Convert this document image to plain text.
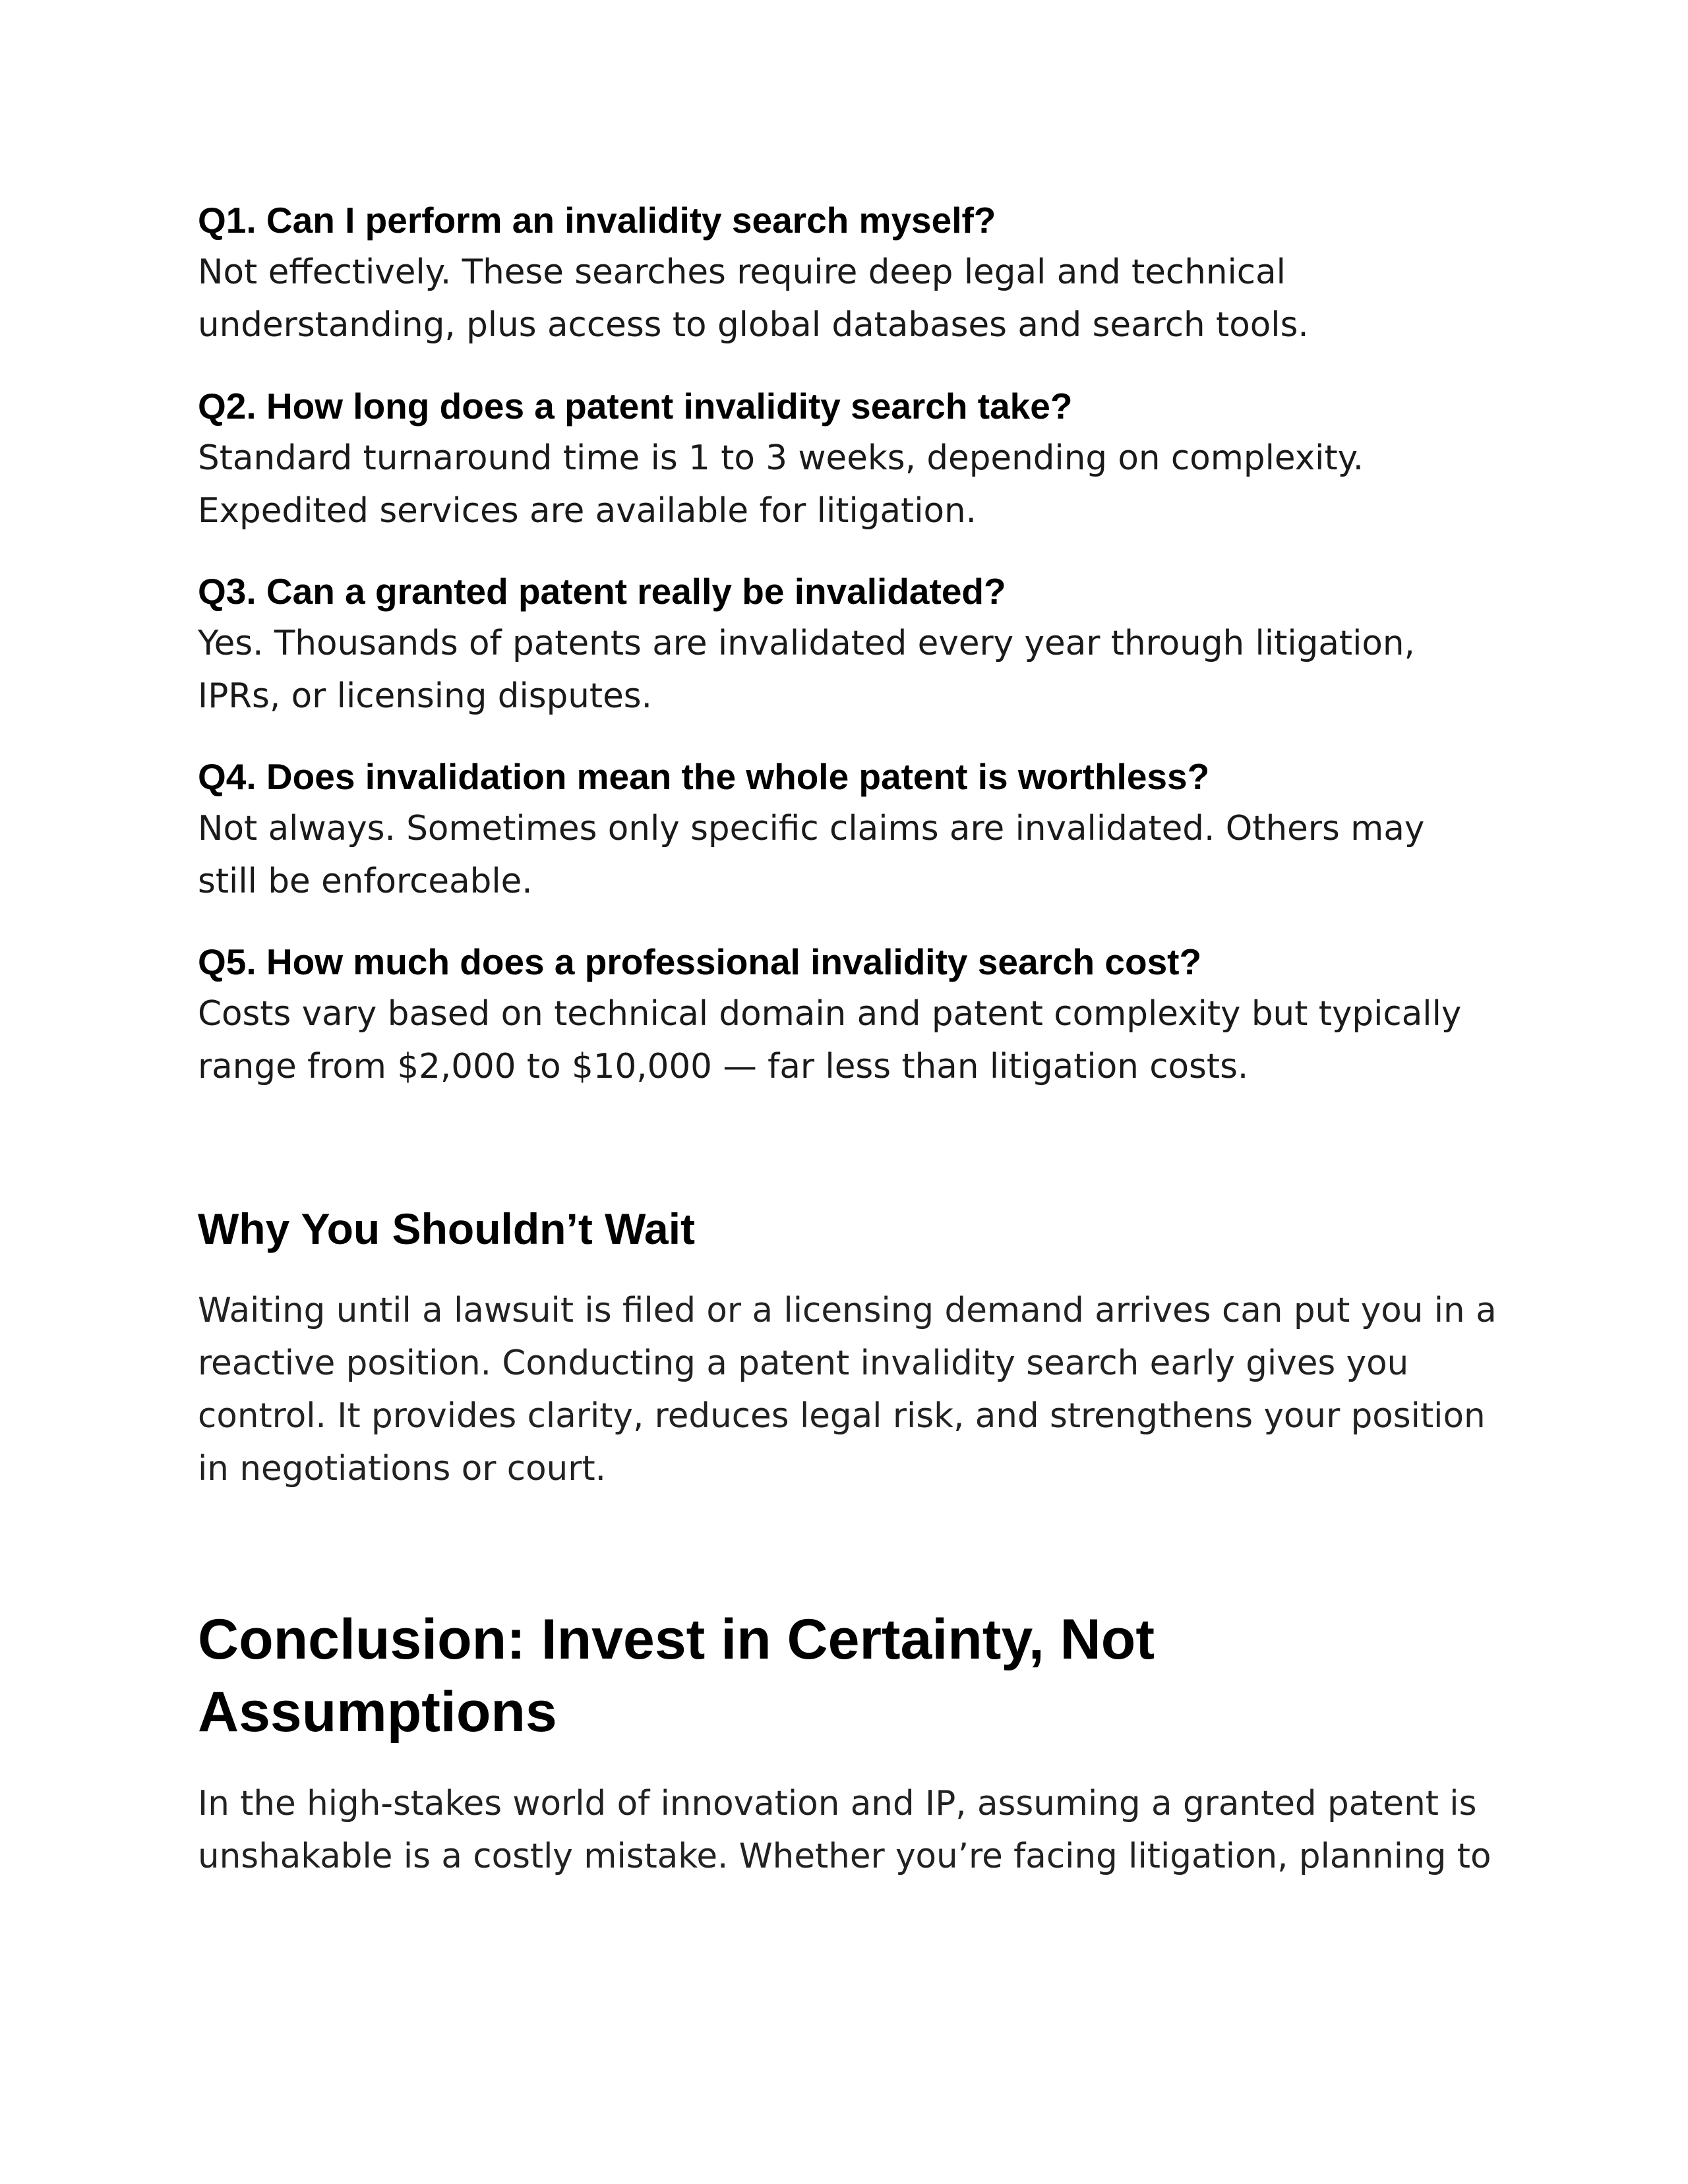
Q1. Can I perform an invalidity search myself?

Not effectively. These searches require deep legal and technical
understanding, plus access to global databases and search tools.

Q2. How long does a patent invalidity search take?

Standard turnaround time is 1 to 3 weeks, depending on complexity.
Expedited services are available for litigation.

Q3. Can a granted patent really be invalidated?

Yes. Thousands of patents are invalidated every year through litigation,
IPRs, or licensing disputes.

Q4. Does invalidation mean the whole patent is worthless?

Not always. Sometimes only specific claims are invalidated. Others may
still be enforceable.

Q5. How much does a professional invalidity search cost?

Costs vary based on technical domain and patent complexity but typically
range from $2,000 to $10,000 — far less than litigation costs.

Why You Shouldn’t Wait

Waiting until a lawsuit is filed or a licensing demand arrives can put you in a
reactive position. Conducting a patent invalidity search early gives you
control. It provides clarity, reduces legal risk, and strengthens your position
in negotiations or court.

Conclusion: Invest in Certainty, Not
Assumptions

In the high-stakes world of innovation and IP, assuming a granted patent is
unshakable is a costly mistake. Whether you’re facing litigation, planning to
